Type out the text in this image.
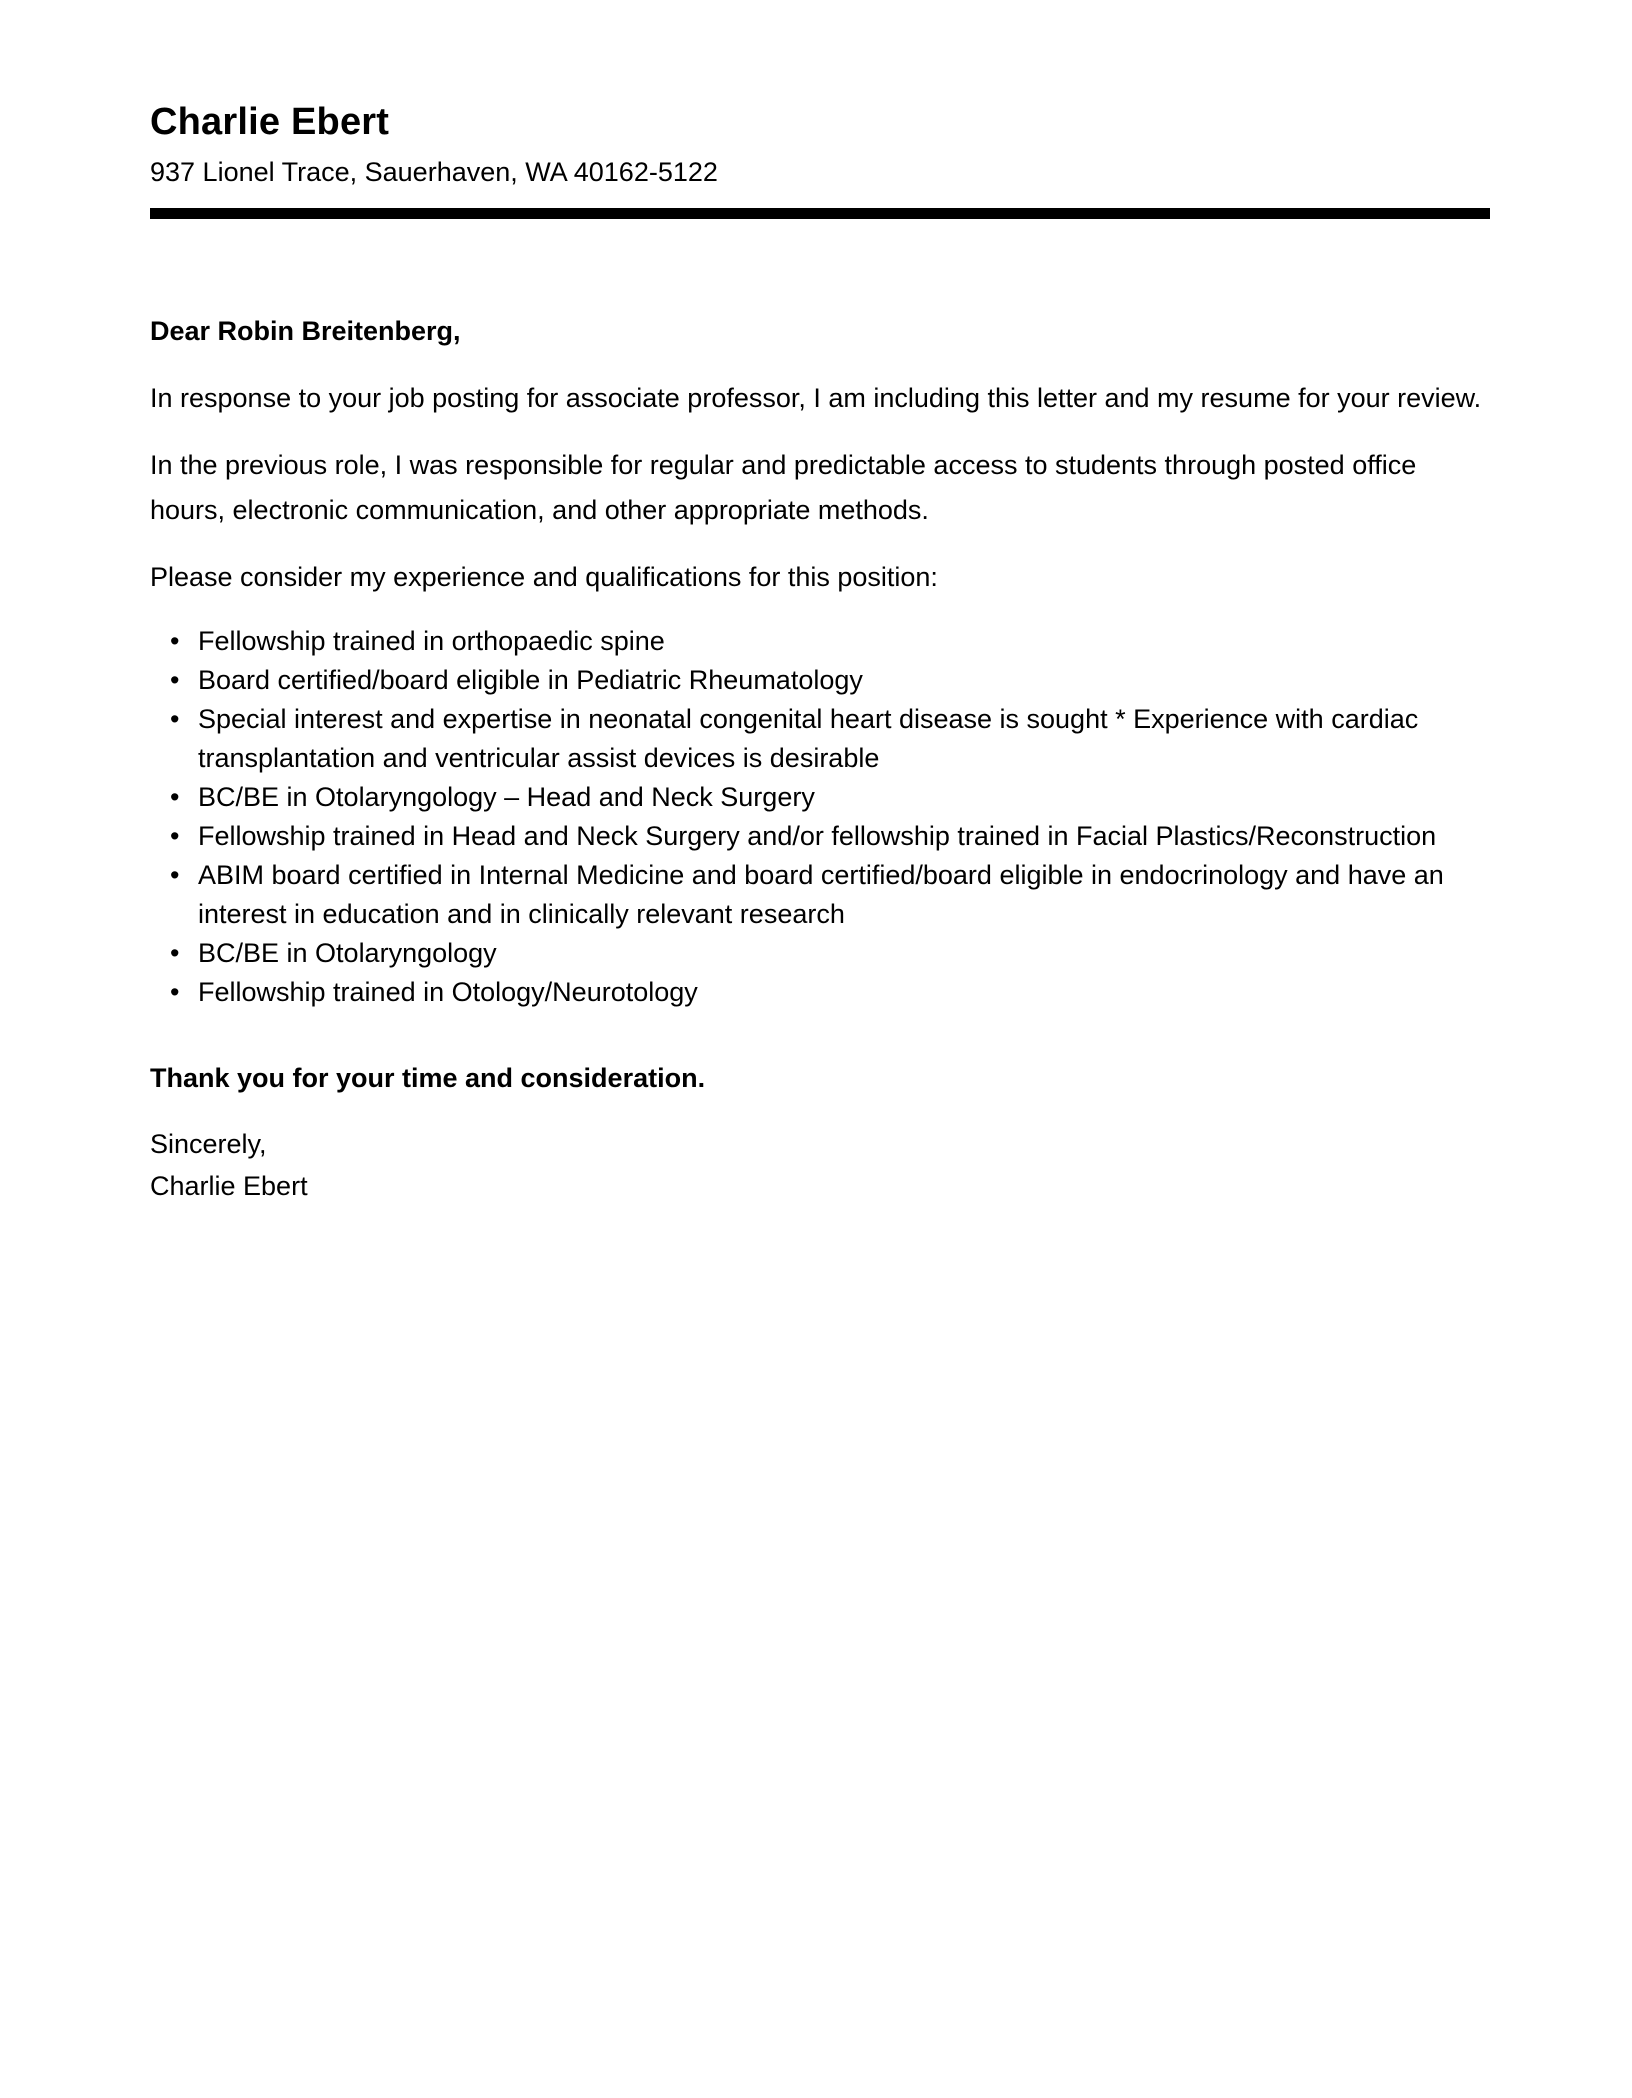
Charlie Ebert
937 Lionel Trace, Sauerhaven, WA 40162-5122

Dear Robin Breitenberg,

In response to your job posting for associate professor, I am including this letter and my resume for your review.

In the previous role, I was responsible for regular and predictable access to students through posted office hours, electronic communication, and other appropriate methods.

Please consider my experience and qualifications for this position:

• Fellowship trained in orthopaedic spine
• Board certified/board eligible in Pediatric Rheumatology
• Special interest and expertise in neonatal congenital heart disease is sought * Experience with cardiac transplantation and ventricular assist devices is desirable
• BC/BE in Otolaryngology – Head and Neck Surgery
• Fellowship trained in Head and Neck Surgery and/or fellowship trained in Facial Plastics/Reconstruction
• ABIM board certified in Internal Medicine and board certified/board eligible in endocrinology and have an interest in education and in clinically relevant research
• BC/BE in Otolaryngology
• Fellowship trained in Otology/Neurotology

Thank you for your time and consideration.

Sincerely,
Charlie Ebert
